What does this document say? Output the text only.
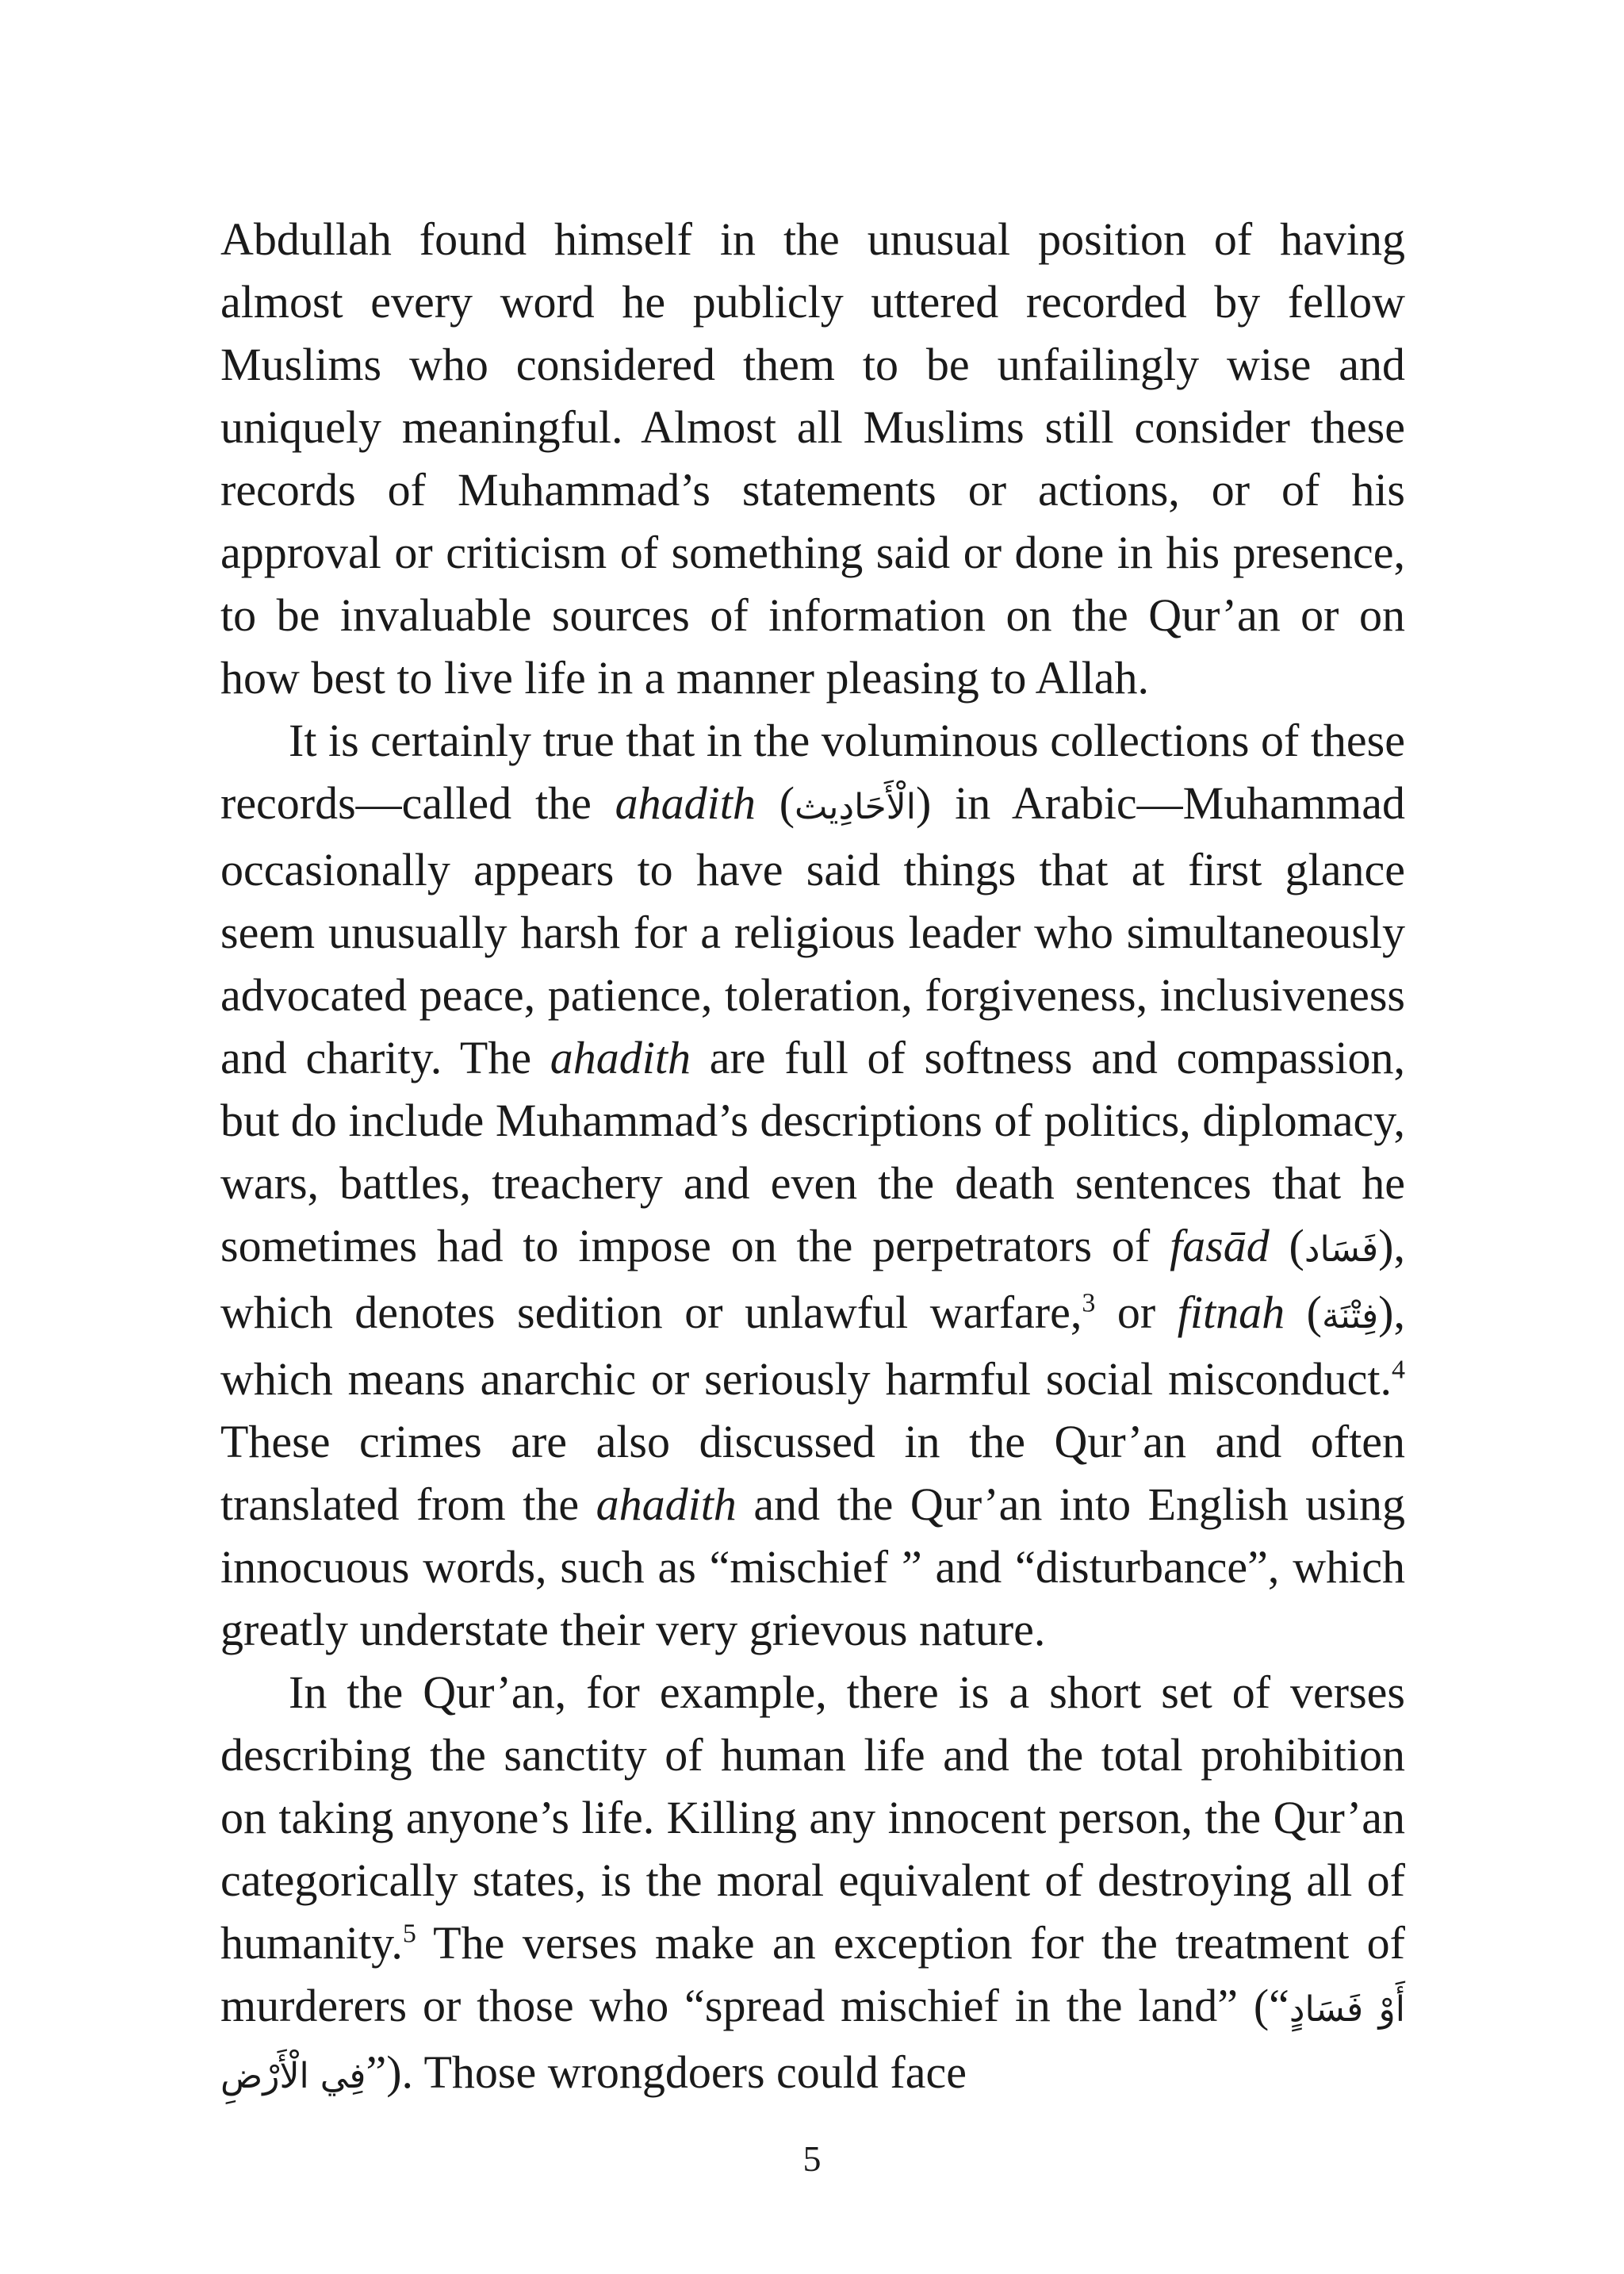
Abdullah found himself in the unusual position of having almost every word he publicly uttered recorded by fellow Muslims who considered them to be unfailingly wise and uniquely meaningful. Almost all Muslims still consider these records of Muhammad’s statements or actions, or of his approval or criticism of something said or done in his presence, to be invaluable sources of information on the Qur’an or on how best to live life in a manner pleasing to Allah.

It is certainly true that in the voluminous collections of these records—called the ahadith (الْأَحَادِيث) in Arabic—Muhammad occasionally appears to have said things that at first glance seem unusually harsh for a religious leader who simultaneously advocated peace, patience, toleration, forgiveness, inclusiveness and charity. The ahadith are full of softness and compassion, but do include Muhammad’s descriptions of politics, diplomacy, wars, battles, treachery and even the death sentences that he sometimes had to impose on the perpetrators of fasād (فَسَاد), which denotes sedition or unlawful warfare,$^3$ or fitnah (فِتْنَة), which means anarchic or seriously harmful social misconduct.$^4$ These crimes are also discussed in the Qur’an and often translated from the ahadith and the Qur’an into English using innocuous words, such as “mischief ” and “disturbance”, which greatly understate their very grievous nature.

In the Qur’an, for example, there is a short set of verses describing the sanctity of human life and the total prohibition on taking anyone’s life. Killing any innocent person, the Qur’an categorically states, is the moral equivalent of destroying all of humanity.$^5$ The verses make an exception for the treatment of murderers or those who “spread mischief in the land” (“أَوْ فَسَادٍ فِي الْأَرْضِ”). Those wrongdoers could face

5
